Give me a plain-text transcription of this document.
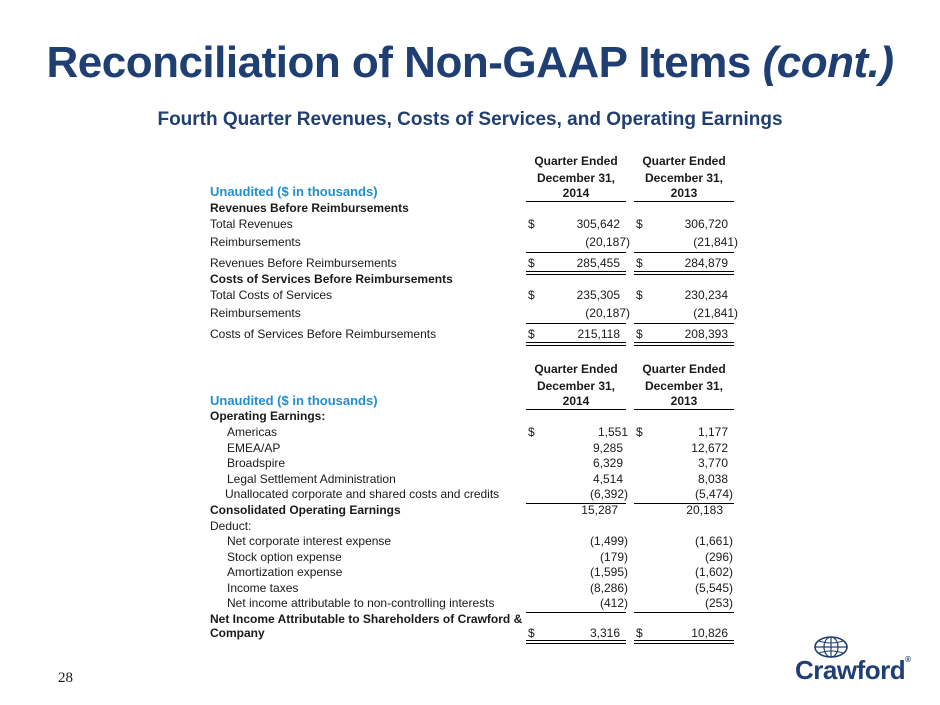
Reconciliation of Non-GAAP Items (cont.)
Fourth Quarter Revenues, Costs of Services, and Operating Earnings
Quarter Ended
December 31,
2014
Quarter Ended
December 31,
2013
Unaudited ($ in thousands)
Revenues Before Reimbursements
Total Revenues	$	305,642 $	306,720
Reimbursements	(20,187)	(21,841)
Revenues Before Reimbursements	$	285,455 $	284,879
Costs of Services Before Reimbursements
Total Costs of Services	$	235,305 $	230,234
Reimbursements	(20,187)	(21,841)
Costs of Services Before Reimbursements	$	215,118 $	208,393
Quarter Ended
December 31,
2014
Quarter Ended
December 31,
2013
Unaudited ($ in thousands)
Operating Earnings:
Americas	$	1,551 $	1,177
EMEA/AP	9,285	12,672
Broadspire	6,329	3,770
Legal Settlement Administration	4,514	8,038
Unallocated corporate and shared costs and credits	(6,392)	(5,474)
Consolidated Operating Earnings	15,287	20,183
Deduct:
Net corporate interest expense	(1,499)	(1,661)
Stock option expense	(179)	(296)
Amortization expense	(1,595)	(1,602)
Income taxes	(8,286)	(5,545)
Net income attributable to non-controlling interests	(412)	(253)
Net Income Attributable to Shareholders of Crawford &
Company	$	3,316 $	10,826
28	Crawford®
